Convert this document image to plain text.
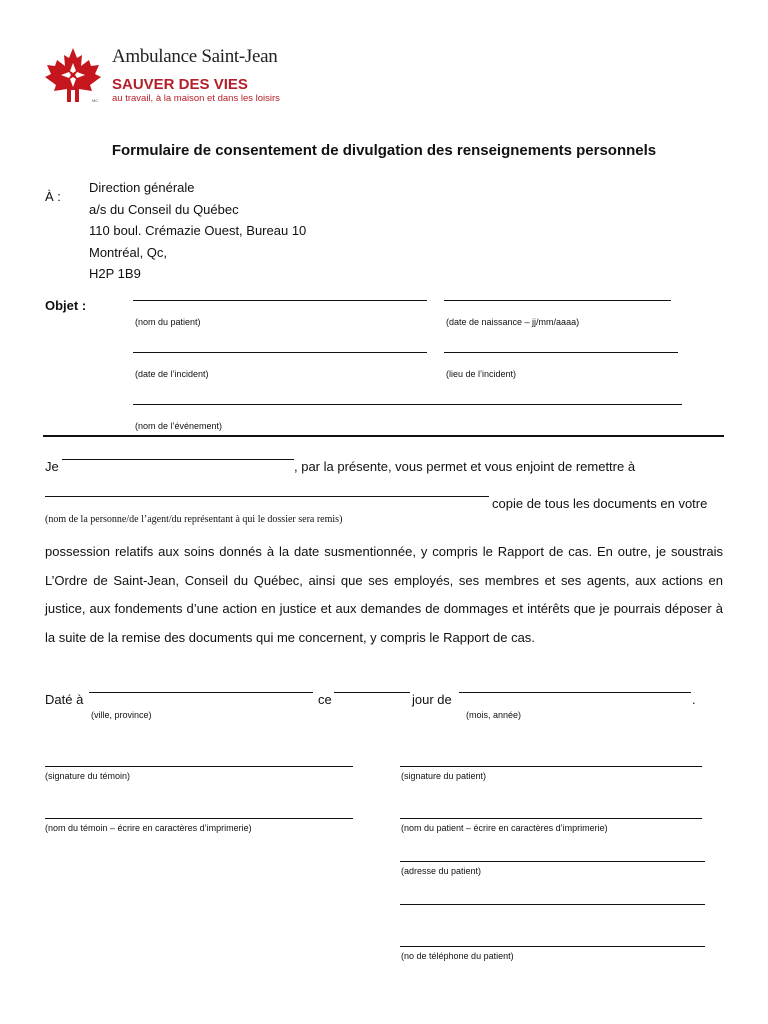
MC
Ambulance Saint-Jean
SAUVER DES VIES
au travail, à la maison et dans les loisirs
Formulaire de consentement de divulgation des renseignements personnels
À :
Direction générale
a/s du Conseil du Québec
110 boul. Crémazie Ouest, Bureau 10
Montréal, Qc,
H2P 1B9
Objet :
(nom du patient)	(date de naissance – jj/mm/aaaa)
(date de l’incident)	(lieu de l’incident)
(nom de l’événement)
Je	, par la présente, vous permet et vous enjoint de remettre à
copie de tous les documents en votre
(nom de la personne/de l’agent/du représentant à qui le dossier sera remis)
possession relatifs aux soins donnés à la date susmentionnée, y compris le Rapport de cas. En outre, je soustrais L’Ordre de Saint-Jean, Conseil du Québec, ainsi que ses employés, ses membres et ses agents, aux actions en justice, aux fondements d’une action en justice et aux demandes de dommages et intérêts que je pourrais déposer à la suite de la remise des documents qui me concernent, y compris le Rapport de cas.
Daté à	ce	jour de	.
(ville, province)	(mois, année)
(signature du témoin)
(nom du témoin – écrire en caractères d’imprimerie)
(signature du patient)
(nom du patient – écrire en caractères d’imprimerie)
(adresse du patient)
(no de téléphone du patient)
